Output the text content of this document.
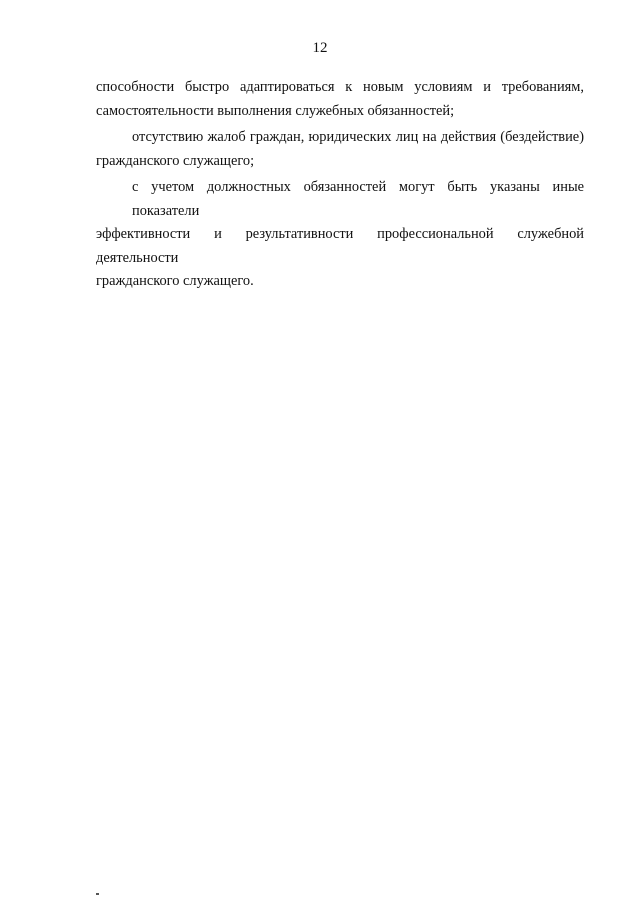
12
способности быстро адаптироваться к новым условиям и требованиям,
самостоятельности выполнения служебных обязанностей;
отсутствию жалоб граждан, юридических лиц на действия (бездействие)
гражданского служащего;
с учетом должностных обязанностей могут быть указаны иные показатели
эффективности и результативности профессиональной служебной деятельности
гражданского служащего.
